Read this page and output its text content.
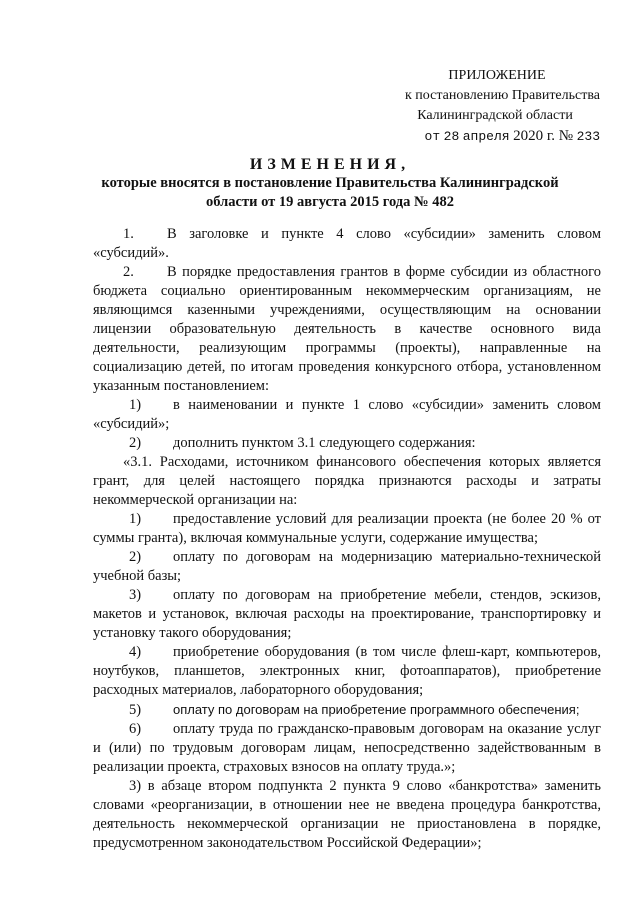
ПРИЛОЖЕНИЕ
к постановлению Правительства
Калининградской области
от 28 апреля 2020 г. № 233
ИЗМЕНЕНИЯ,
которые вносятся в постановление Правительства Калининградской
области от 19 августа 2015 года № 482

1. В заголовке и пункте 4 слово «субсидии» заменить словом «субсидий».

2. В порядке предоставления грантов в форме субсидии из областного бюджета социально ориентированным некоммерческим организациям, не являющимся казенными учреждениями, осуществляющим на основании лицензии образовательную деятельность в качестве основного вида деятельности, реализующим программы (проекты), направленные на социализацию детей, по итогам проведения конкурсного отбора, установленном указанным постановлением:

1) в наименовании и пункте 1 слово «субсидии» заменить словом «субсидий»;

2) дополнить пунктом 3.1 следующего содержания:

«3.1. Расходами, источником финансового обеспечения которых является грант, для целей настоящего порядка признаются расходы и затраты некоммерческой организации на:

1) предоставление условий для реализации проекта (не более 20 % от суммы гранта), включая коммунальные услуги, содержание имущества;

2) оплату по договорам на модернизацию материально-технической учебной базы;

3) оплату по договорам на приобретение мебели, стендов, эскизов, макетов и установок, включая расходы на проектирование, транспортировку и установку такого оборудования;

4) приобретение оборудования (в том числе флеш-карт, компьютеров, ноутбуков, планшетов, электронных книг, фотоаппаратов), приобретение расходных материалов, лабораторного оборудования;

5) оплату по договорам на приобретение программного обеспечения;

6) оплату труда по гражданско-правовым договорам на оказание услуг и (или) по трудовым договорам лицам, непосредственно задействованным в реализации проекта, страховых взносов на оплату труда.»;

3) в абзаце втором подпункта 2 пункта 9 слово «банкротства» заменить словами «реорганизации, в отношении нее не введена процедура банкротства, деятельность некоммерческой организации не приостановлена в порядке, предусмотренном законодательством Российской Федерации»;
